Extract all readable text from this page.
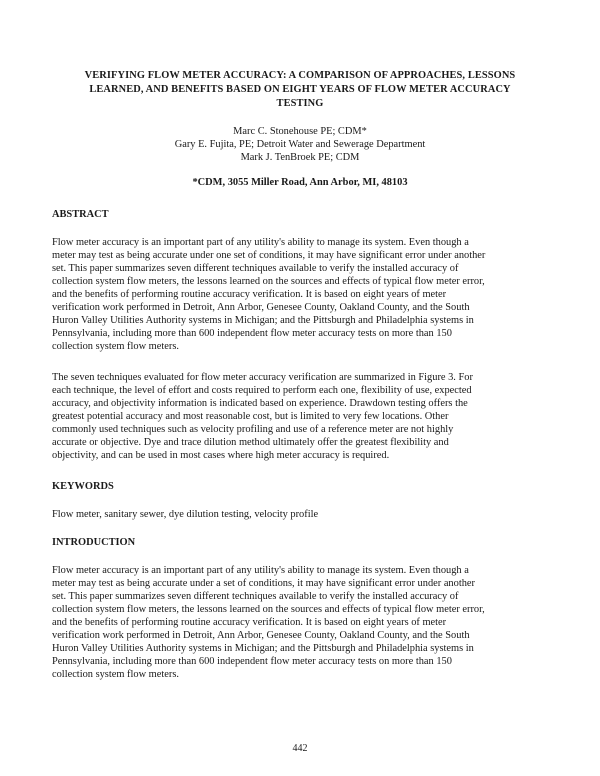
VERIFYING FLOW METER ACCURACY: A COMPARISON OF APPROACHES, LESSONS
LEARNED, AND BENEFITS BASED ON EIGHT YEARS OF FLOW METER ACCURACY
TESTING
Marc C. Stonehouse PE; CDM*
Gary E. Fujita, PE; Detroit Water and Sewerage Department
Mark J. TenBroek PE; CDM
*CDM, 3055 Miller Road, Ann Arbor, MI, 48103
ABSTRACT
Flow meter accuracy is an important part of any utility's ability to manage its system. Even though a
meter may test as being accurate under one set of conditions, it may have significant error under another
set. This paper summarizes seven different techniques available to verify the installed accuracy of
collection system flow meters, the lessons learned on the sources and effects of typical flow meter error,
and the benefits of performing routine accuracy verification. It is based on eight years of meter
verification work performed in Detroit, Ann Arbor, Genesee County, Oakland County, and the South
Huron Valley Utilities Authority systems in Michigan; and the Pittsburgh and Philadelphia systems in
Pennsylvania, including more than 600 independent flow meter accuracy tests on more than 150
collection system flow meters.
The seven techniques evaluated for flow meter accuracy verification are summarized in Figure 3. For
each technique, the level of effort and costs required to perform each one, flexibility of use, expected
accuracy, and objectivity information is indicated based on experience. Drawdown testing offers the
greatest potential accuracy and most reasonable cost, but is limited to very few locations. Other
commonly used techniques such as velocity profiling and use of a reference meter are not highly
accurate or objective. Dye and trace dilution method ultimately offer the greatest flexibility and
objectivity, and can be used in most cases where high meter accuracy is required.
KEYWORDS
Flow meter, sanitary sewer, dye dilution testing, velocity profile
INTRODUCTION
Flow meter accuracy is an important part of any utility's ability to manage its system. Even though a
meter may test as being accurate under a set of conditions, it may have significant error under another
set. This paper summarizes seven different techniques available to verify the installed accuracy of
collection system flow meters, the lessons learned on the sources and effects of typical flow meter error,
and the benefits of performing routine accuracy verification. It is based on eight years of meter
verification work performed in Detroit, Ann Arbor, Genesee County, Oakland County, and the South
Huron Valley Utilities Authority systems in Michigan; and the Pittsburgh and Philadelphia systems in
Pennsylvania, including more than 600 independent flow meter accuracy tests on more than 150
collection system flow meters.
442
